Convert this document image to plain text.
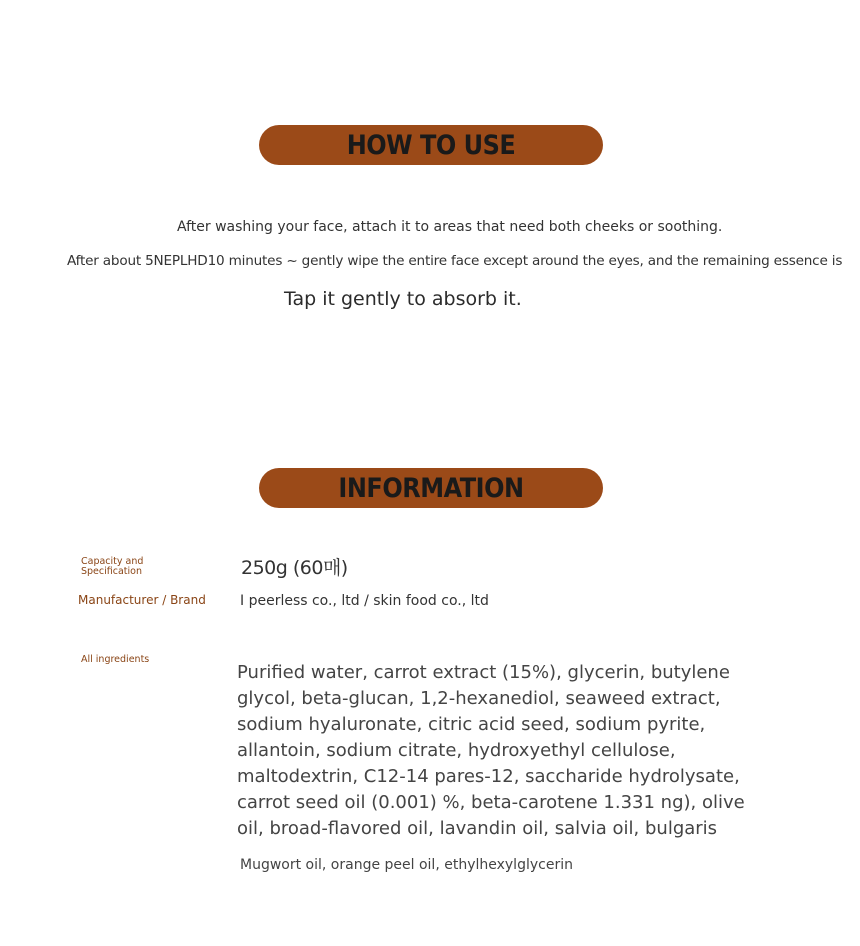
HOW TO USE
After washing your face, attach it to areas that need both cheeks or soothing.
After about 5NEPLHD10 minutes ~ gently wipe the entire face except around the eyes, and the remaining essence is
Tap it gently to absorb it.
INFORMATION
Capacity and Specification	250g (60매)
Manufacturer / Brand I peerless co., ltd / skin food co., ltd
All ingredients
Purified water, carrot extract (15%), glycerin, butylene glycol, beta-glucan, 1,2-hexanediol, seaweed extract, sodium hyaluronate, citric acid seed, sodium pyrite, allantoin, sodium citrate, hydroxyethyl cellulose, maltodextrin, C12-14 pares-12, saccharide hydrolysate, carrot seed oil (0.001) %, beta-carotene 1.331 ng), olive oil, broad-flavored oil, lavandin oil, salvia oil, bulgaris
Mugwort oil, orange peel oil, ethylhexylglycerin
